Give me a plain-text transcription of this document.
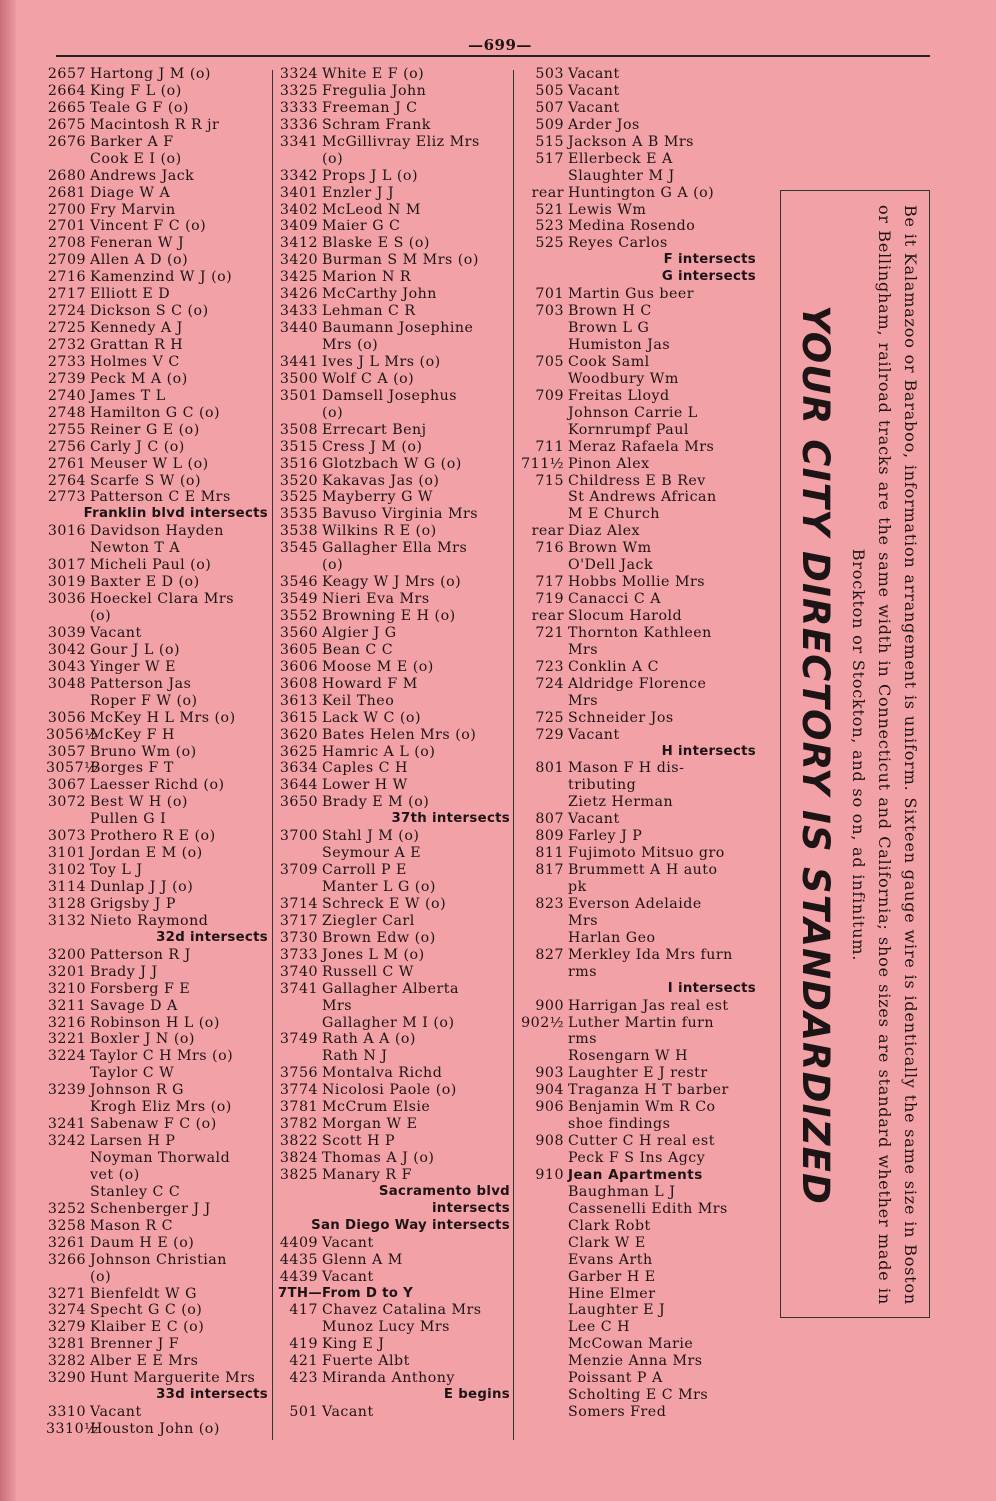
—699—
2657 Hartong J M (o)
2664 King F L (o)
2665 Teale G F (o)
2675 Macintosh R R jr
2676 Barker A F
Cook E I (o)
2680 Andrews Jack
2681 Diage W A
2700 Fry Marvin
2701 Vincent F C (o)
2708 Feneran W J
2709 Allen A D (o)
2716 Kamenzind W J (o)
2717 Elliott E D
2724 Dickson S C (o)
2725 Kennedy A J
2732 Grattan R H
2733 Holmes V C
2739 Peck M A (o)
2740 James T L
2748 Hamilton G C (o)
2755 Reiner G E (o)
2756 Carly J C (o)
2761 Meuser W L (o)
2764 Scarfe S W (o)
2773 Patterson C E Mrs
Franklin blvd intersects
3016 Davidson Hayden
Newton T A
3017 Micheli Paul (o)
3019 Baxter E D (o)
3036 Hoeckel Clara Mrs
(o)
3039 Vacant
3042 Gour J L (o)
3043 Yinger W E
3048 Patterson Jas
Roper F W (o)
3056 McKey H L Mrs (o)
3056½McKey F H
3057 Bruno Wm (o)
3057½Borges F T
3067 Laesser Richd (o)
3072 Best W H (o)
Pullen G I
3073 Prothero R E (o)
3101 Jordan E M (o)
3102 Toy L J
3114 Dunlap J J (o)
3128 Grigsby J P
3132 Nieto Raymond
32d intersects
3200 Patterson R J
3201 Brady J J
3210 Forsberg F E
3211 Savage D A
3216 Robinson H L (o)
3221 Boxler J N (o)
3224 Taylor C H Mrs (o)
Taylor C W
3239 Johnson R G
Krogh Eliz Mrs (o)
3241 Sabenaw F C (o)
3242 Larsen H P
Noyman Thorwald
vet (o)
Stanley C C
3252 Schenberger J J
3258 Mason R C
3261 Daum H E (o)
3266 Johnson Christian
(o)
3271 Bienfeldt W G
3274 Specht G C (o)
3279 Klaiber E C (o)
3281 Brenner J F
3282 Alber E E Mrs
3290 Hunt Marguerite Mrs
33d intersects
3310 Vacant
3310½Houston John (o)
3324 White E F (o)
3325 Fregulia John
3333 Freeman J C
3336 Schram Frank
3341 McGillivray Eliz Mrs
(o)
3342 Props J L (o)
3401 Enzler J J
3402 McLeod N M
3409 Maier G C
3412 Blaske E S (o)
3420 Burman S M Mrs (o)
3425 Marion N R
3426 McCarthy John
3433 Lehman C R
3440 Baumann Josephine
Mrs (o)
3441 Ives J L Mrs (o)
3500 Wolf C A (o)
3501 Damsell Josephus
(o)
3508 Errecart Benj
3515 Cress J M (o)
3516 Glotzbach W G (o)
3520 Kakavas Jas (o)
3525 Mayberry G W
3535 Bavuso Virginia Mrs
3538 Wilkins R E (o)
3545 Gallagher Ella Mrs
(o)
3546 Keagy W J Mrs (o)
3549 Nieri Eva Mrs
3552 Browning E H (o)
3560 Algier J G
3605 Bean C C
3606 Moose M E (o)
3608 Howard F M
3613 Keil Theo
3615 Lack W C (o)
3620 Bates Helen Mrs (o)
3625 Hamric A L (o)
3634 Caples C H
3644 Lower H W
3650 Brady E M (o)
37th intersects
3700 Stahl J M (o)
Seymour A E
3709 Carroll P E
Manter L G (o)
3714 Schreck E W (o)
3717 Ziegler Carl
3730 Brown Edw (o)
3733 Jones L M (o)
3740 Russell C W
3741 Gallagher Alberta
Mrs
Gallagher M I (o)
3749 Rath A A (o)
Rath N J
3756 Montalva Richd
3774 Nicolosi Paole (o)
3781 McCrum Elsie
3782 Morgan W E
3822 Scott H P
3824 Thomas A J (o)
3825 Manary R F
Sacramento blvd
intersects
San Diego Way intersects
4409 Vacant
4435 Glenn A M
4439 Vacant
7TH—From D to Y
417 Chavez Catalina Mrs
Munoz Lucy Mrs
419 King E J
421 Fuerte Albt
423 Miranda Anthony
E begins
501 Vacant
503 Vacant
505 Vacant
507 Vacant
509 Arder Jos
515 Jackson A B Mrs
517 Ellerbeck E A
Slaughter M J
rear Huntington G A (o)
521 Lewis Wm
523 Medina Rosendo
525 Reyes Carlos
F intersects
G intersects
701 Martin Gus beer
703 Brown H C
Brown L G
Humiston Jas
705 Cook Saml
Woodbury Wm
709 Freitas Lloyd
Johnson Carrie L
Kornrumpf Paul
711 Meraz Rafaela Mrs
711½ Pinon Alex
715 Childress E B Rev
St Andrews African
M E Church
rear Diaz Alex
716 Brown Wm
O'Dell Jack
717 Hobbs Mollie Mrs
719 Canacci C A
rear Slocum Harold
721 Thornton Kathleen
Mrs
723 Conklin A C
724 Aldridge Florence
Mrs
725 Schneider Jos
729 Vacant
H intersects
801 Mason F H dis-
tributing
Zietz Herman
807 Vacant
809 Farley J P
811 Fujimoto Mitsuo gro
817 Brummett A H auto
pk
823 Everson Adelaide
Mrs
Harlan Geo
827 Merkley Ida Mrs furn
rms
I intersects
900 Harrigan Jas real est
902½ Luther Martin furn
rms
Rosengarn W H
903 Laughter E J restr
904 Traganza H T barber
906 Benjamin Wm R Co
shoe findings
908 Cutter C H real est
Peck F S Ins Agcy
910 Jean Apartments
Baughman L J
Cassenelli Edith Mrs
Clark Robt
Clark W E
Evans Arth
Garber H E
Hine Elmer
Laughter E J
Lee C H
McCowan Marie
Menzie Anna Mrs
Poissant P A
Scholting E C Mrs
Somers Fred
Be it Kalamazoo or Baraboo, information arrangement is uniform. Sixteen gauge wire is identically the same size in Boston or Bellingham, railroad tracks are the same width in Connecticut and California; shoe sizes are standard whether made in Brockton or Stockton, and so on, ad infinitum.
YOUR CITY DIRECTORY IS STANDARDIZED
